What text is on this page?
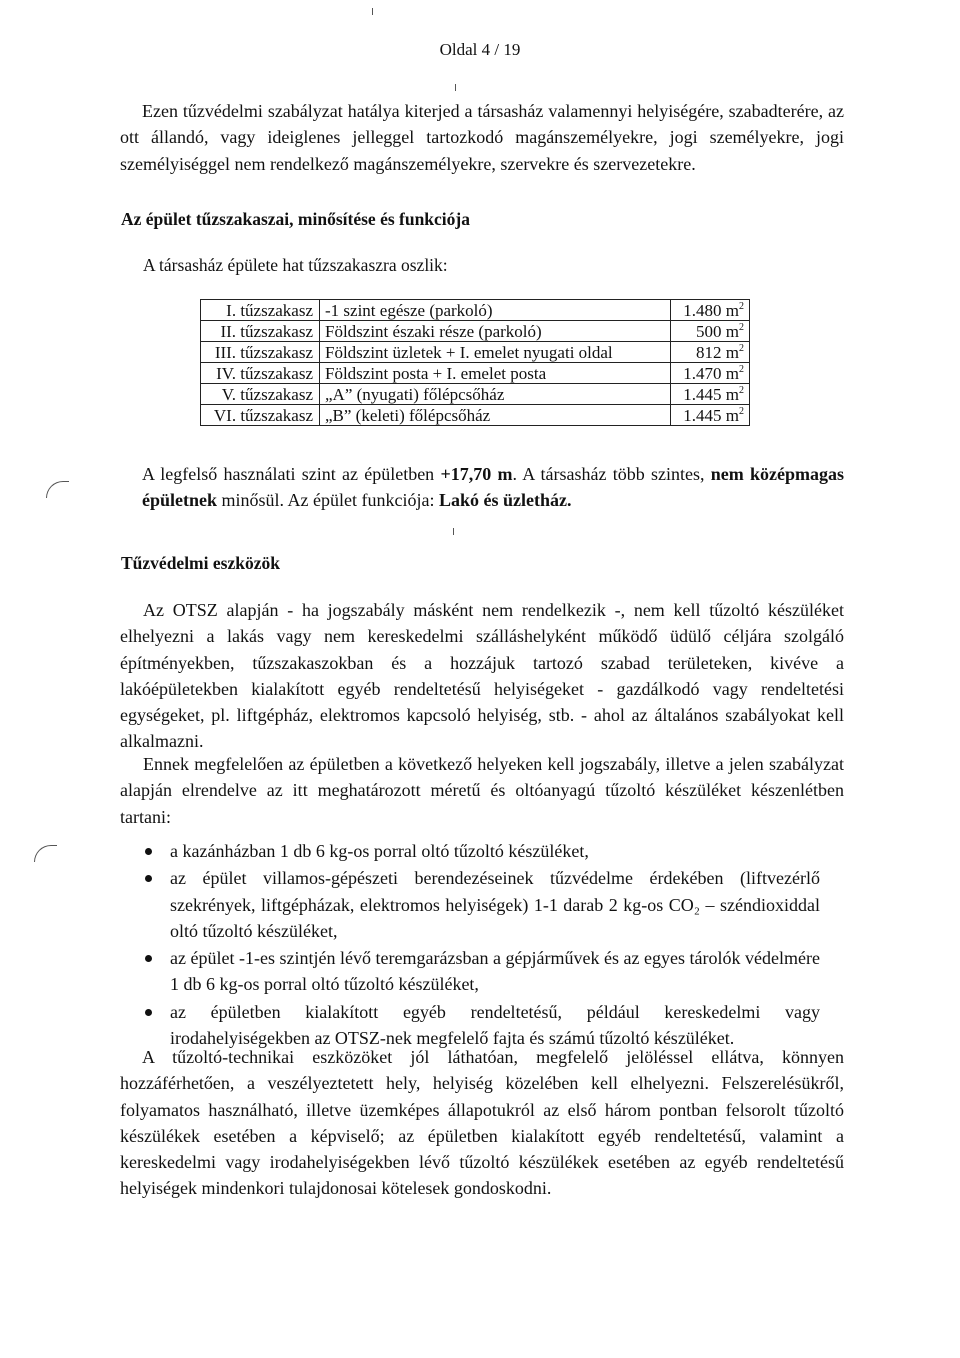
Oldal 4 / 19
Ezen tűzvédelmi szabályzat hatálya kiterjed a társasház valamennyi helyiségére, szabadterére, az ott állandó, vagy ideiglenes jelleggel tartozkodó magánszemélyekre, jogi személyekre, jogi személyiséggel nem rendelkező magánszemélyekre, szervekre és szervezetekre.
Az épület tűzszakaszai, minősítése és funkciója
A társasház épülete hat tűzszakaszra oszlik:
I. tűzszakasz	-1 szint egésze (parkoló)	1.480 $m^2$
II. tűzszakasz	Földszint északi része (parkoló)	500 $m^2$
III. tűzszakasz	Földszint üzletek + I. emelet nyugati oldal	812 $m^2$
IV. tűzszakasz	Földszint posta + I. emelet posta	1.470 $m^2$
V. tűzszakasz	„A” (nyugati) főlépcsőház	1.445 $m^2$
VI. tűzszakasz	„B” (keleti) főlépcsőház	1.445 $m^2$
A legfelső használati szint az épületben +17,70 m. A társasház több szintes, nem középmagas épületnek minősül. Az épület funkciója: Lakó és üzletház.
Tűzvédelmi eszközök
Az OTSZ alapján - ha jogszabály másként nem rendelkezik -, nem kell tűzoltó készüléket elhelyezni a lakás vagy nem kereskedelmi szálláshelyként működő üdülő céljára szolgáló építményekben, tűzszakaszokban és a hozzájuk tartozó szabad területeken, kivéve a lakóépületekben kialakított egyéb rendeltetésű helyiségeket - gazdálkodó vagy rendeltetési egységeket, pl. liftgépház, elektromos kapcsoló helyiség, stb. - ahol az általános szabályokat kell alkalmazni.
Ennek megfelelően az épületben a következő helyeken kell jogszabály, illetve a jelen szabályzat alapján elrendelve az itt meghatározott méretű és oltóanyagú tűzoltó készüléket készenlétben tartani:
a kazánházban 1 db 6 kg-os porral oltó tűzoltó készüléket,
az épület villamos-gépészeti berendezéseinek tűzvédelme érdekében (liftvezérlő szekrények, liftgépházak, elektromos helyiségek) 1-1 darab 2 kg-os CO₂ – széndioxiddal oltó tűzoltó készüléket,
az épület -1-es szintjén lévő teremgarázsban a gépjárművek és az egyes tárolók védelmére 1 db 6 kg-os porral oltó tűzoltó készüléket,
az épületben kialakított egyéb rendeltetésű, például kereskedelmi vagy irodahelyiségekben az OTSZ-nek megfelelő fajta és számú tűzoltó készüléket.
A tűzoltó-technikai eszközöket jól láthatóan, megfelelő jelöléssel ellátva, könnyen hozzáférhetően, a veszélyeztetett hely, helyiség közelében kell elhelyezni. Felszerelésükről, folyamatos használható, illetve üzemképes állapotukról az első három pontban felsorolt tűzoltó készülékek esetében a képviselő; az épületben kialakított egyéb rendeltetésű, valamint a kereskedelmi vagy irodahelyiségekben lévő tűzoltó készülékek esetében az egyéb rendeltetésű helyiségek mindenkori tulajdonosai kötelesek gondoskodni.
